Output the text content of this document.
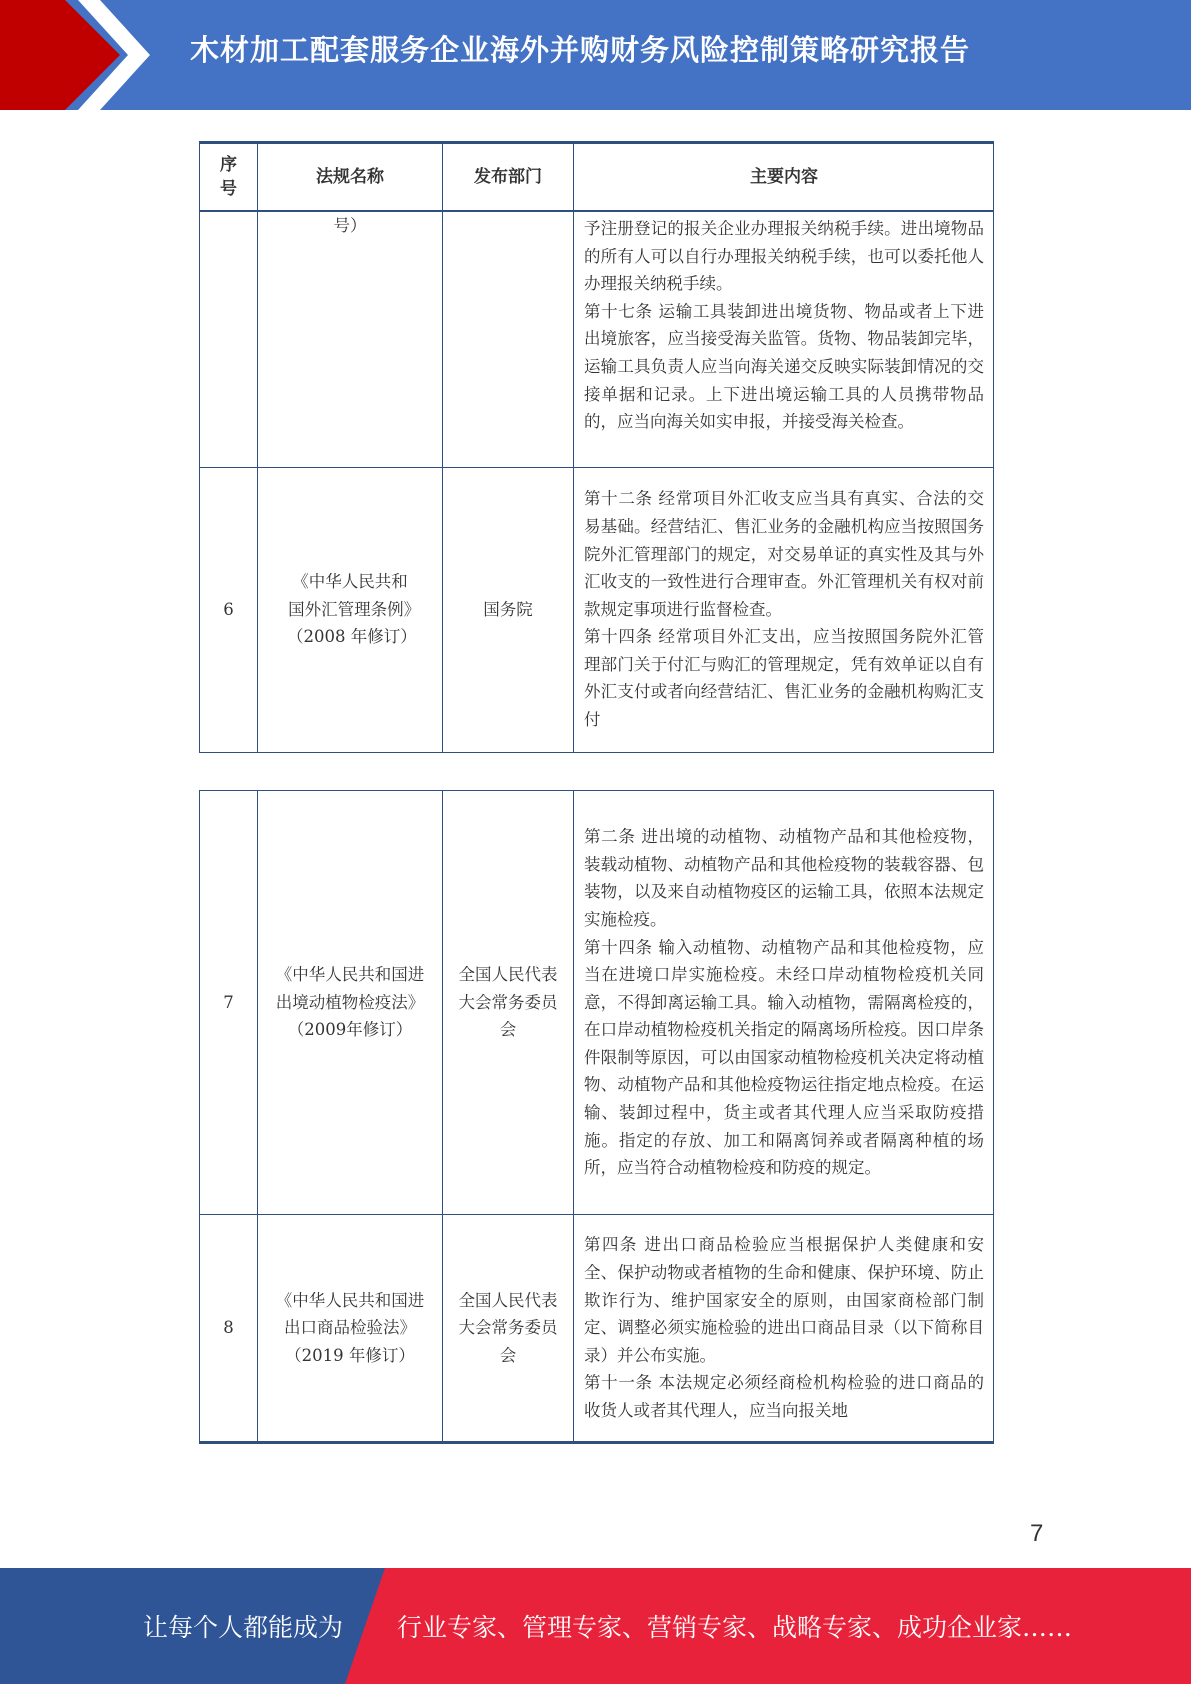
木材加工配套服务企业海外并购财务风险控制策略研究报告
序号	法规名称	发布部门	主要内容
	号）		予注册登记的报关企业办理报关纳税手续。进出境物品的所有人可以自行办理报关纳税手续，也可以委托他人办理报关纳税手续。
第十七条 运输工具装卸进出境货物、物品或者上下进出境旅客，应当接受海关监管。货物、物品装卸完毕，运输工具负责人应当向海关递交反映实际装卸情况的交接单据和记录。上下进出境运输工具的人员携带物品的，应当向海关如实申报，并接受海关检查。

6	《中华人民共和国外汇管理条例》（2008 年修订）	国务院	第十二条 经常项目外汇收支应当具有真实、合法的交易基础。经营结汇、售汇业务的金融机构应当按照国务院外汇管理部门的规定，对交易单证的真实性及其与外汇收支的一致性进行合理审查。外汇管理机关有权对前款规定事项进行监督检查。
第十四条 经常项目外汇支出，应当按照国务院外汇管理部门关于付汇与购汇的管理规定，凭有效单证以自有外汇支付或者向经营结汇、售汇业务的金融机构购汇支付
7	《中华人民共和国进出境动植物检疫法》（2009年修订）	全国人民代表大会常务委员会	第二条 进出境的动植物、动植物产品和其他检疫物，装载动植物、动植物产品和其他检疫物的装载容器、包装物，以及来自动植物疫区的运输工具，依照本法规定实施检疫。
第十四条 输入动植物、动植物产品和其他检疫物，应当在进境口岸实施检疫。未经口岸动植物检疫机关同意，不得卸离运输工具。输入动植物，需隔离检疫的，在口岸动植物检疫机关指定的隔离场所检疫。因口岸条件限制等原因，可以由国家动植物检疫机关决定将动植物、动植物产品和其他检疫物运往指定地点检疫。在运输、装卸过程中，货主或者其代理人应当采取防疫措施。指定的存放、加工和隔离饲养或者隔离种植的场所，应当符合动植物检疫和防疫的规定。

8	《中华人民共和国进出口商品检验法》（2019 年修订）	全国人民代表大会常务委员会	第四条 进出口商品检验应当根据保护人类健康和安全、保护动物或者植物的生命和健康、保护环境、防止欺诈行为、维护国家安全的原则，由国家商检部门制定、调整必须实施检验的进出口商品目录（以下简称目录）并公布实施。
第十一条 本法规定必须经商检机构检验的进口商品的收货人或者其代理人，应当向报关地
7
让每个人都能成为 行业专家、管理专家、营销专家、战略专家、成功企业家……
